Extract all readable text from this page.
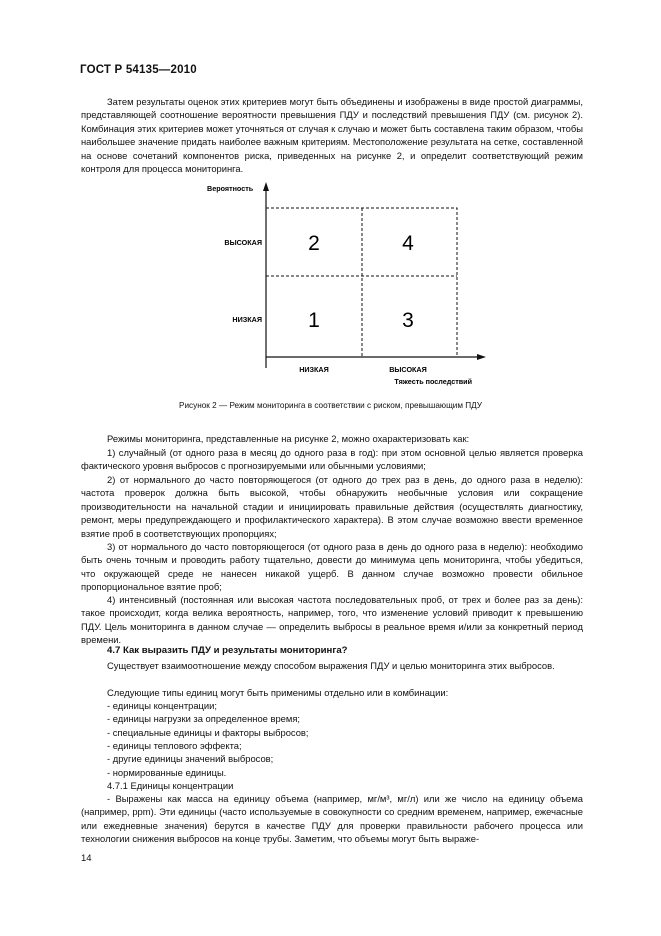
ГОСТ Р 54135—2010

Затем результаты оценок этих критериев могут быть объединены и изображены в виде простой диаграммы, представляющей соотношение вероятности превышения ПДУ и последствий превышения ПДУ (см. рисунок 2). Комбинация этих критериев может уточняться от случая к случаю и может быть составлена таким образом, чтобы наибольшее значение придать наиболее важным критериям. Местоположение результата на сетке, составленной на основе сочетаний компонентов риска, приведенных на рисунке 2, и определит соответствующий режим контроля для процесса мониторинга.

Вероятность
Тяжесть последствий
ВЫСОКАЯ
НИЗКАЯ
НИЗКАЯ	ВЫСОКАЯ
2	4
1	3
Рисунок 2 — Режим мониторинга в соответствии с риском, превышающим ПДУ

Режимы мониторинга, представленные на рисунке 2, можно охарактеризовать как:

1) случайный (от одного раза в месяц до одного раза в год): при этом основной целью является проверка фактического уровня выбросов с прогнозируемыми или обычными условиями;

2) от нормального до часто повторяющегося (от одного до трех раз в день, до одного раза в неделю): частота проверок должна быть высокой, чтобы обнаружить необычные условия или сокращение производительности на начальной стадии и инициировать правильные действия (осуществлять диагностику, ремонт, меры предупреждающего и профилактического характера). В этом случае возможно ввести временное взятие проб в соответствующих пропорциях;

3) от нормального до часто повторяющегося (от одного раза в день до одного раза в неделю): необходимо быть очень точным и проводить работу тщательно, довести до минимума цепь мониторинга, чтобы убедиться, что окружающей среде не нанесен никакой ущерб. В данном случае возможно провести обильное пропорциональное взятие проб;

4) интенсивный (постоянная или высокая частота последовательных проб, от трех и более раз за день): такое происходит, когда велика вероятность, например, того, что изменение условий приводит к превышению ПДУ. Цель мониторинга в данном случае — определить выбросы в реальное время и/или за конкретный период времени.

4.7 Как выразить ПДУ и результаты мониторинга?

Существует взаимоотношение между способом выражения ПДУ и целью мониторинга этих выбросов.

Следующие типы единиц могут быть применимы отдельно или в комбинации:

- единицы концентрации;
- единицы нагрузки за определенное время;
- специальные единицы и факторы выбросов;
- единицы теплового эффекта;
- другие единицы значений выбросов;
- нормированные единицы.
4.7.1 Единицы концентрации

- Выражены как масса на единицу объема (например, мг/м³, мг/л) или же число на единицу объема (например, ppm). Эти единицы (часто используемые в совокупности со средним временем, например, ежечасные или ежедневные значения) берутся в качестве ПДУ для проверки правильности рабочего процесса или технологии снижения выбросов на конце трубы. Заметим, что объемы могут быть выраже-

14
